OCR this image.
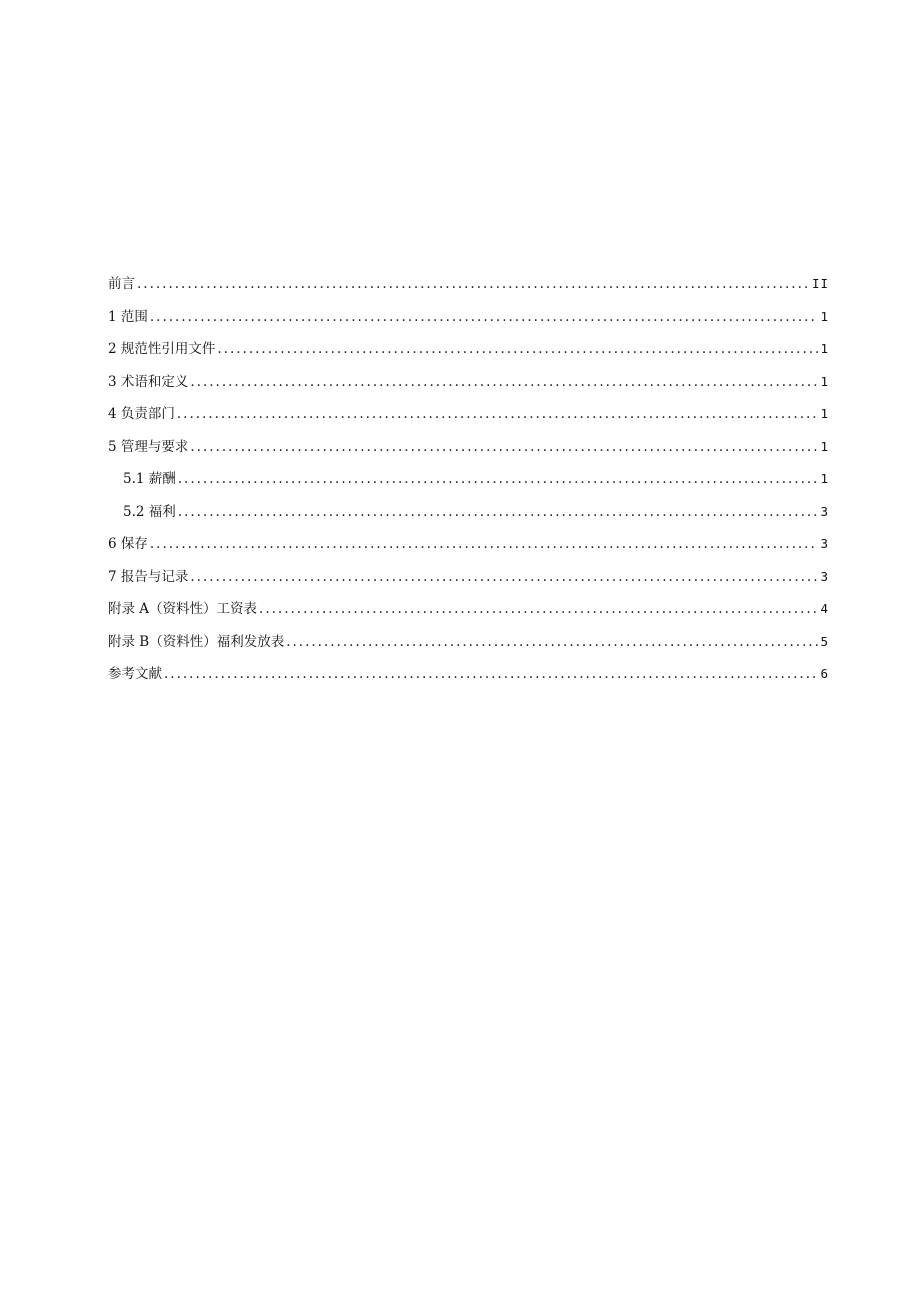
前言 .....	II
1 范围 .....	1
2 规范性引用文件 .....	1
3 术语和定义 .....	1
4 负责部门 .....	1
5 管理与要求 .....	1
5.1 薪酬 .....	1
5.2 福利 .....	3
6 保存 .....	3
7 报告与记录 .....	3
附录 A（资料性）工资表 .....	4
附录 B（资料性）福利发放表 .....	5
参考文献 .....	6
